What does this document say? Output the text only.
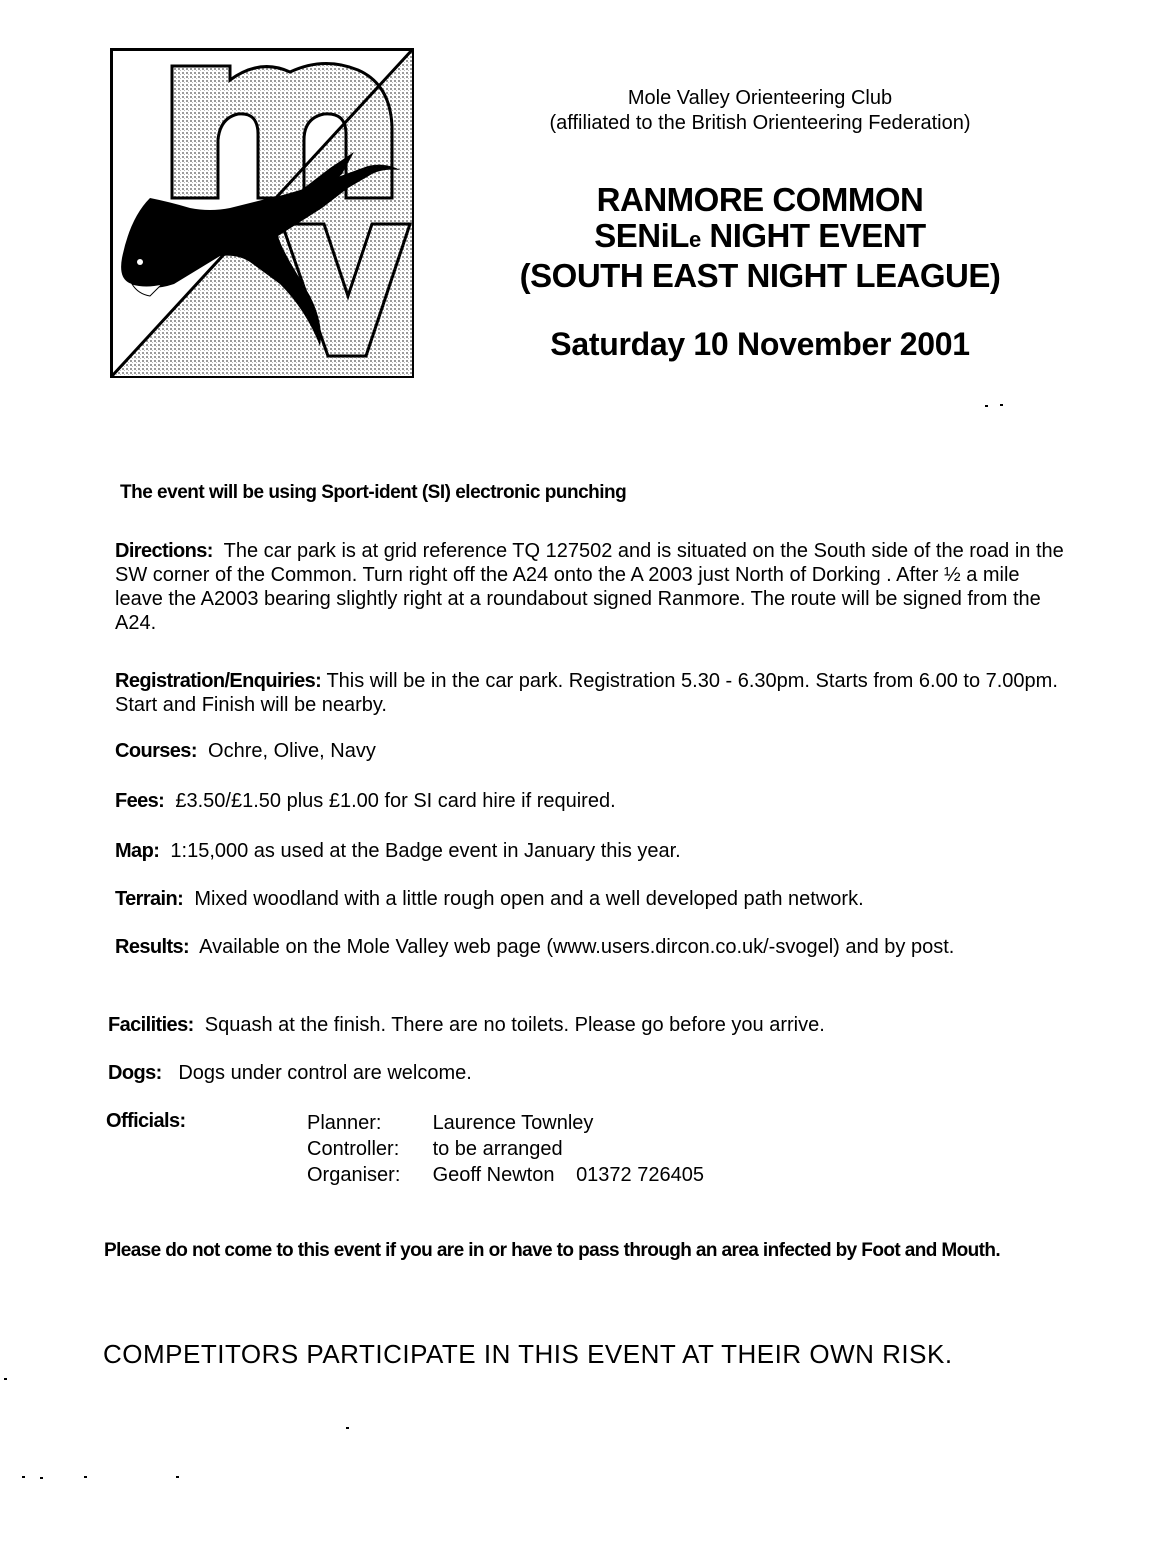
Mole Valley Orienteering Club

(affiliated to the British Orienteering Federation)

RANMORE COMMON

SENiLe NIGHT EVENT

(SOUTH EAST NIGHT LEAGUE)

Saturday 10 November 2001

The event will be using Sport-ident (SI) electronic punching
Directions: The car park is at grid reference TQ 127502 and is situated on the South side of the road in the SW corner of the Common. Turn right off the A24 onto the A 2003 just North of Dorking . After ½ a mile leave the A2003 bearing slightly right at a roundabout signed Ranmore. The route will be signed from the A24.
Registration/Enquiries: This will be in the car park. Registration 5.30 - 6.30pm. Starts from 6.00 to 7.00pm. Start and Finish will be nearby.
Courses: Ochre, Olive, Navy
Fees: £3.50/£1.50 plus £1.00 for SI card hire if required.
Map: 1:15,000 as used at the Badge event in January this year.
Terrain: Mixed woodland with a little rough open and a well developed path network.
Results: Available on the Mole Valley web page (www.users.dircon.co.uk/-svogel) and by post.
Facilities: Squash at the finish. There are no toilets. Please go before you arrive.
Dogs: Dogs under control are welcome.
Officials:	Planner:	Laurence Townley
Controller: to be arranged
Organiser: Geoff Newton 01372 726405
Please do not come to this event if you are in or have to pass through an area infected by Foot and Mouth.
COMPETITORS PARTICIPATE IN THIS EVENT AT THEIR OWN RISK.
